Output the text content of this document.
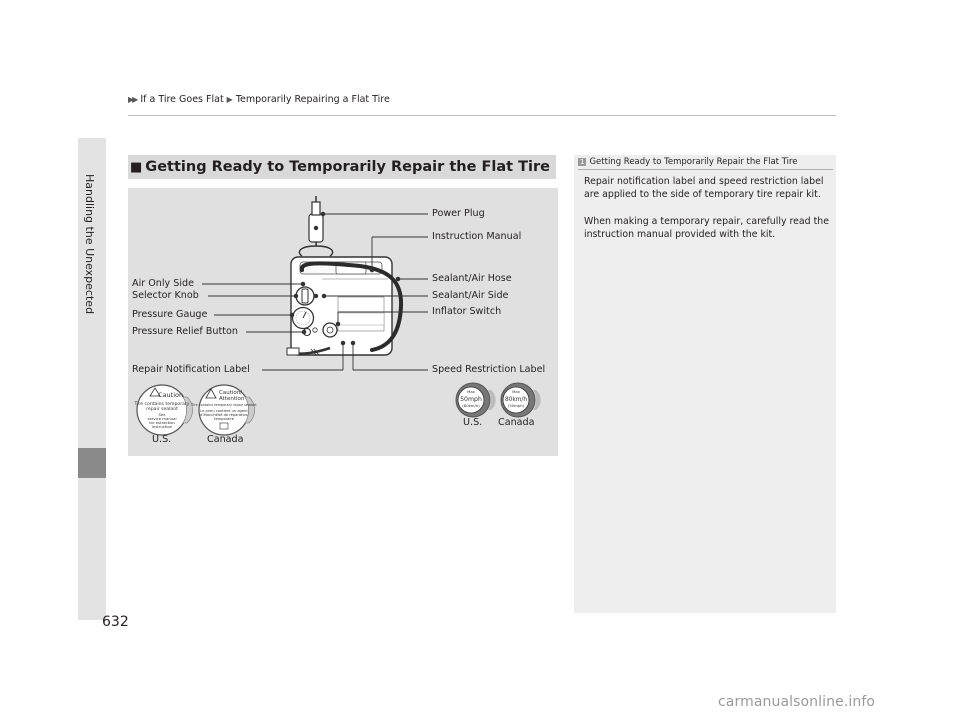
▶▶ If a Tire Goes Flat ▶ Temporarily Repairing a Flat Tire
Handling the Unexpected
632
■ Getting Ready to Temporarily Repair the Flat Tire
Caution
Tire contains temporary
repair sealant
See
service manual
for extraction
instruction
Caution/
Attention
Tire contains temporary repair sealant
Le pneu contient un agent
d'étanchéité de réparation
temporaire
Max
50mph
(80km/h)
Max
80km/h
(50mph)
Power Plug
Instruction Manual
Sealant/Air Hose
Sealant/Air Side
Inflator Switch
Air Only Side
Selector Knob
Pressure Gauge
Pressure Relief Button
Repair Notification Label	Speed Restriction Label
U.S.	Canada
U.S. Canada
1 Getting Ready to Temporarily Repair the Flat Tire
Repair notification label and speed restriction label are applied to the side of temporary tire repair kit.
When making a temporary repair, carefully read the instruction manual provided with the kit.
carmanualsonline.info
